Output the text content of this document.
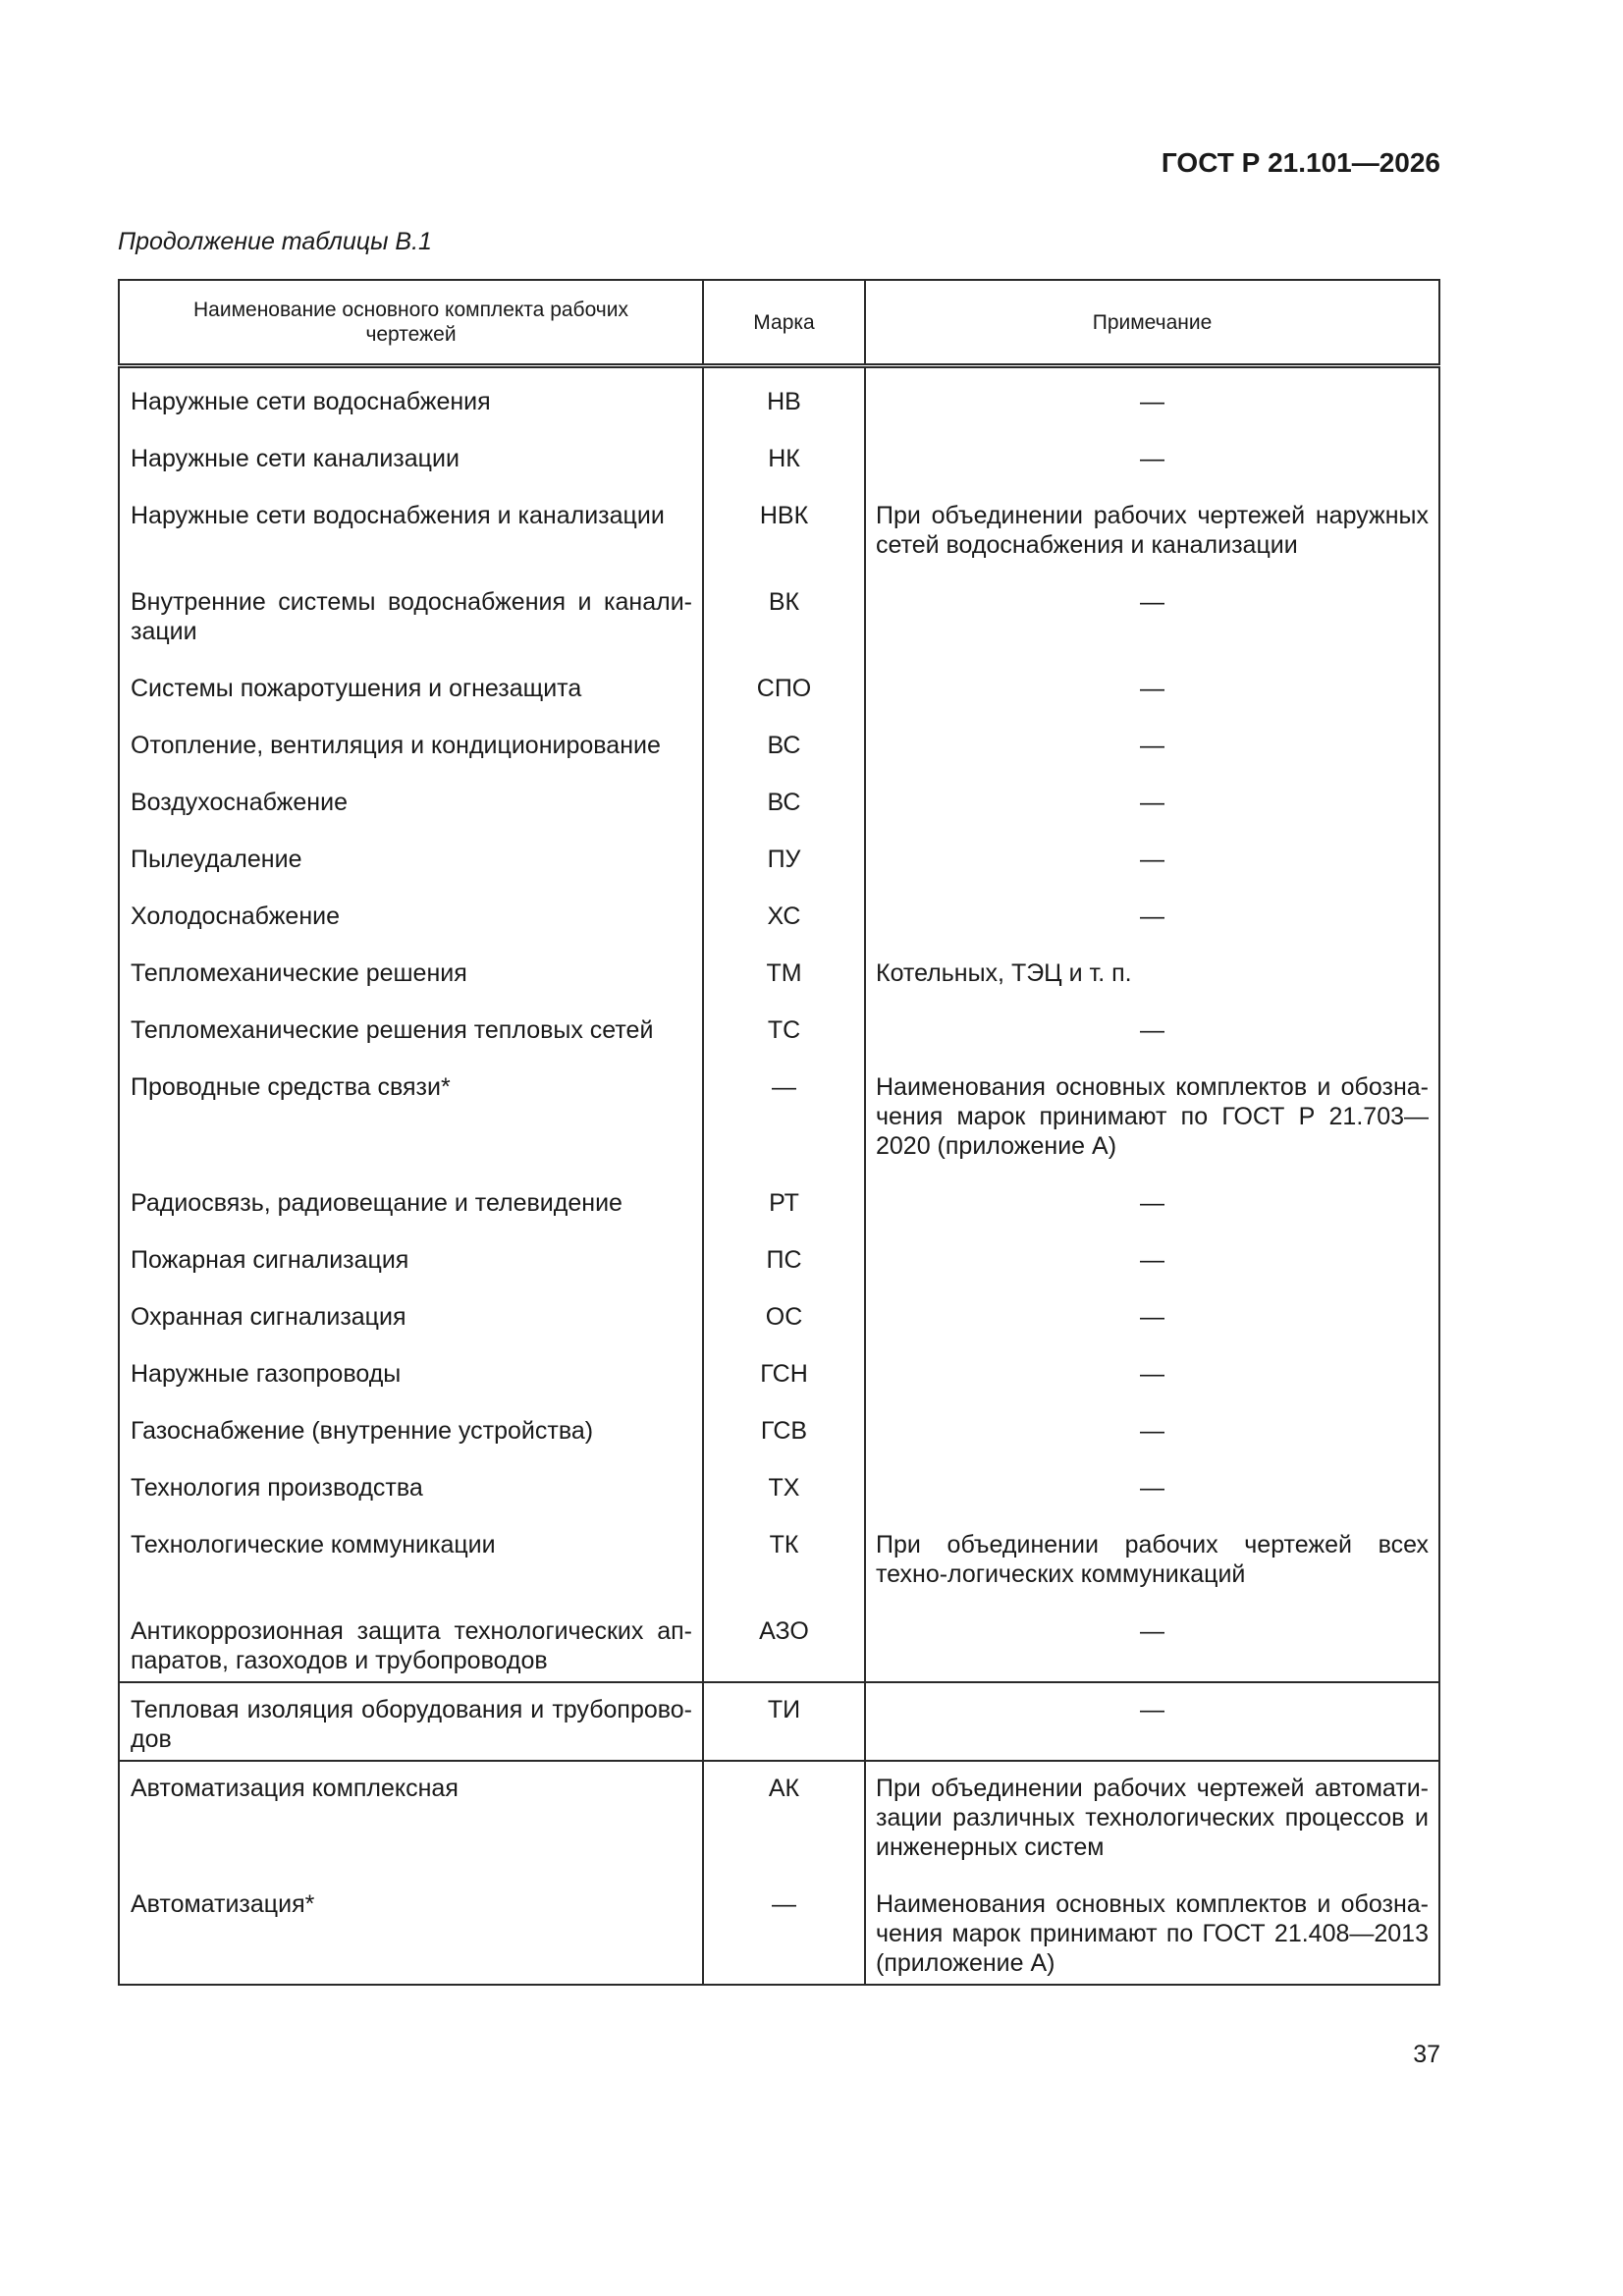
ГОСТ Р 21.101—2026
Продолжение таблицы В.1
Наименование основного комплекта рабочих чертежей	Марка	Примечание
Наружные сети водоснабжения	НВ	—
Наружные сети канализации	НК	—
Наружные сети водоснабжения и канализации	НВК	При объединении рабочих чертежей наружных сетей водоснабжения и канализации
Внутренние системы водоснабжения и канали-зации	ВК	—
Системы пожаротушения и огнезащита	СПО	—
Отопление, вентиляция и кондиционирование	ВС	—
Воздухоснабжение	ВС	—
Пылеудаление	ПУ	—
Холодоснабжение	ХС	—
Тепломеханические решения	ТМ	Котельных, ТЭЦ и т. п.
Тепломеханические решения тепловых сетей	ТС	—
Проводные средства связи*	—	Наименования основных комплектов и обозна-чения марок принимают по ГОСТ Р 21.703—2020 (приложение А)
Радиосвязь, радиовещание и телевидение	РТ	—
Пожарная сигнализация	ПС	—
Охранная сигнализация	ОС	—
Наружные газопроводы	ГСН	—
Газоснабжение (внутренние устройства)	ГСВ	—
Технология производства	ТХ	—
Технологические коммуникации	ТК	При объединении рабочих чертежей всех техно-логических коммуникаций
Антикоррозионная защита технологических ап-паратов, газоходов и трубопроводов	АЗО	—
Тепловая изоляция оборудования и трубопрово-дов	ТИ	—
Автоматизация комплексная	АК	При объединении рабочих чертежей автомати-зации различных технологических процессов и инженерных систем
Автоматизация*	—	Наименования основных комплектов и обозна-чения марок принимают по ГОСТ 21.408—2013 (приложение А)
37
